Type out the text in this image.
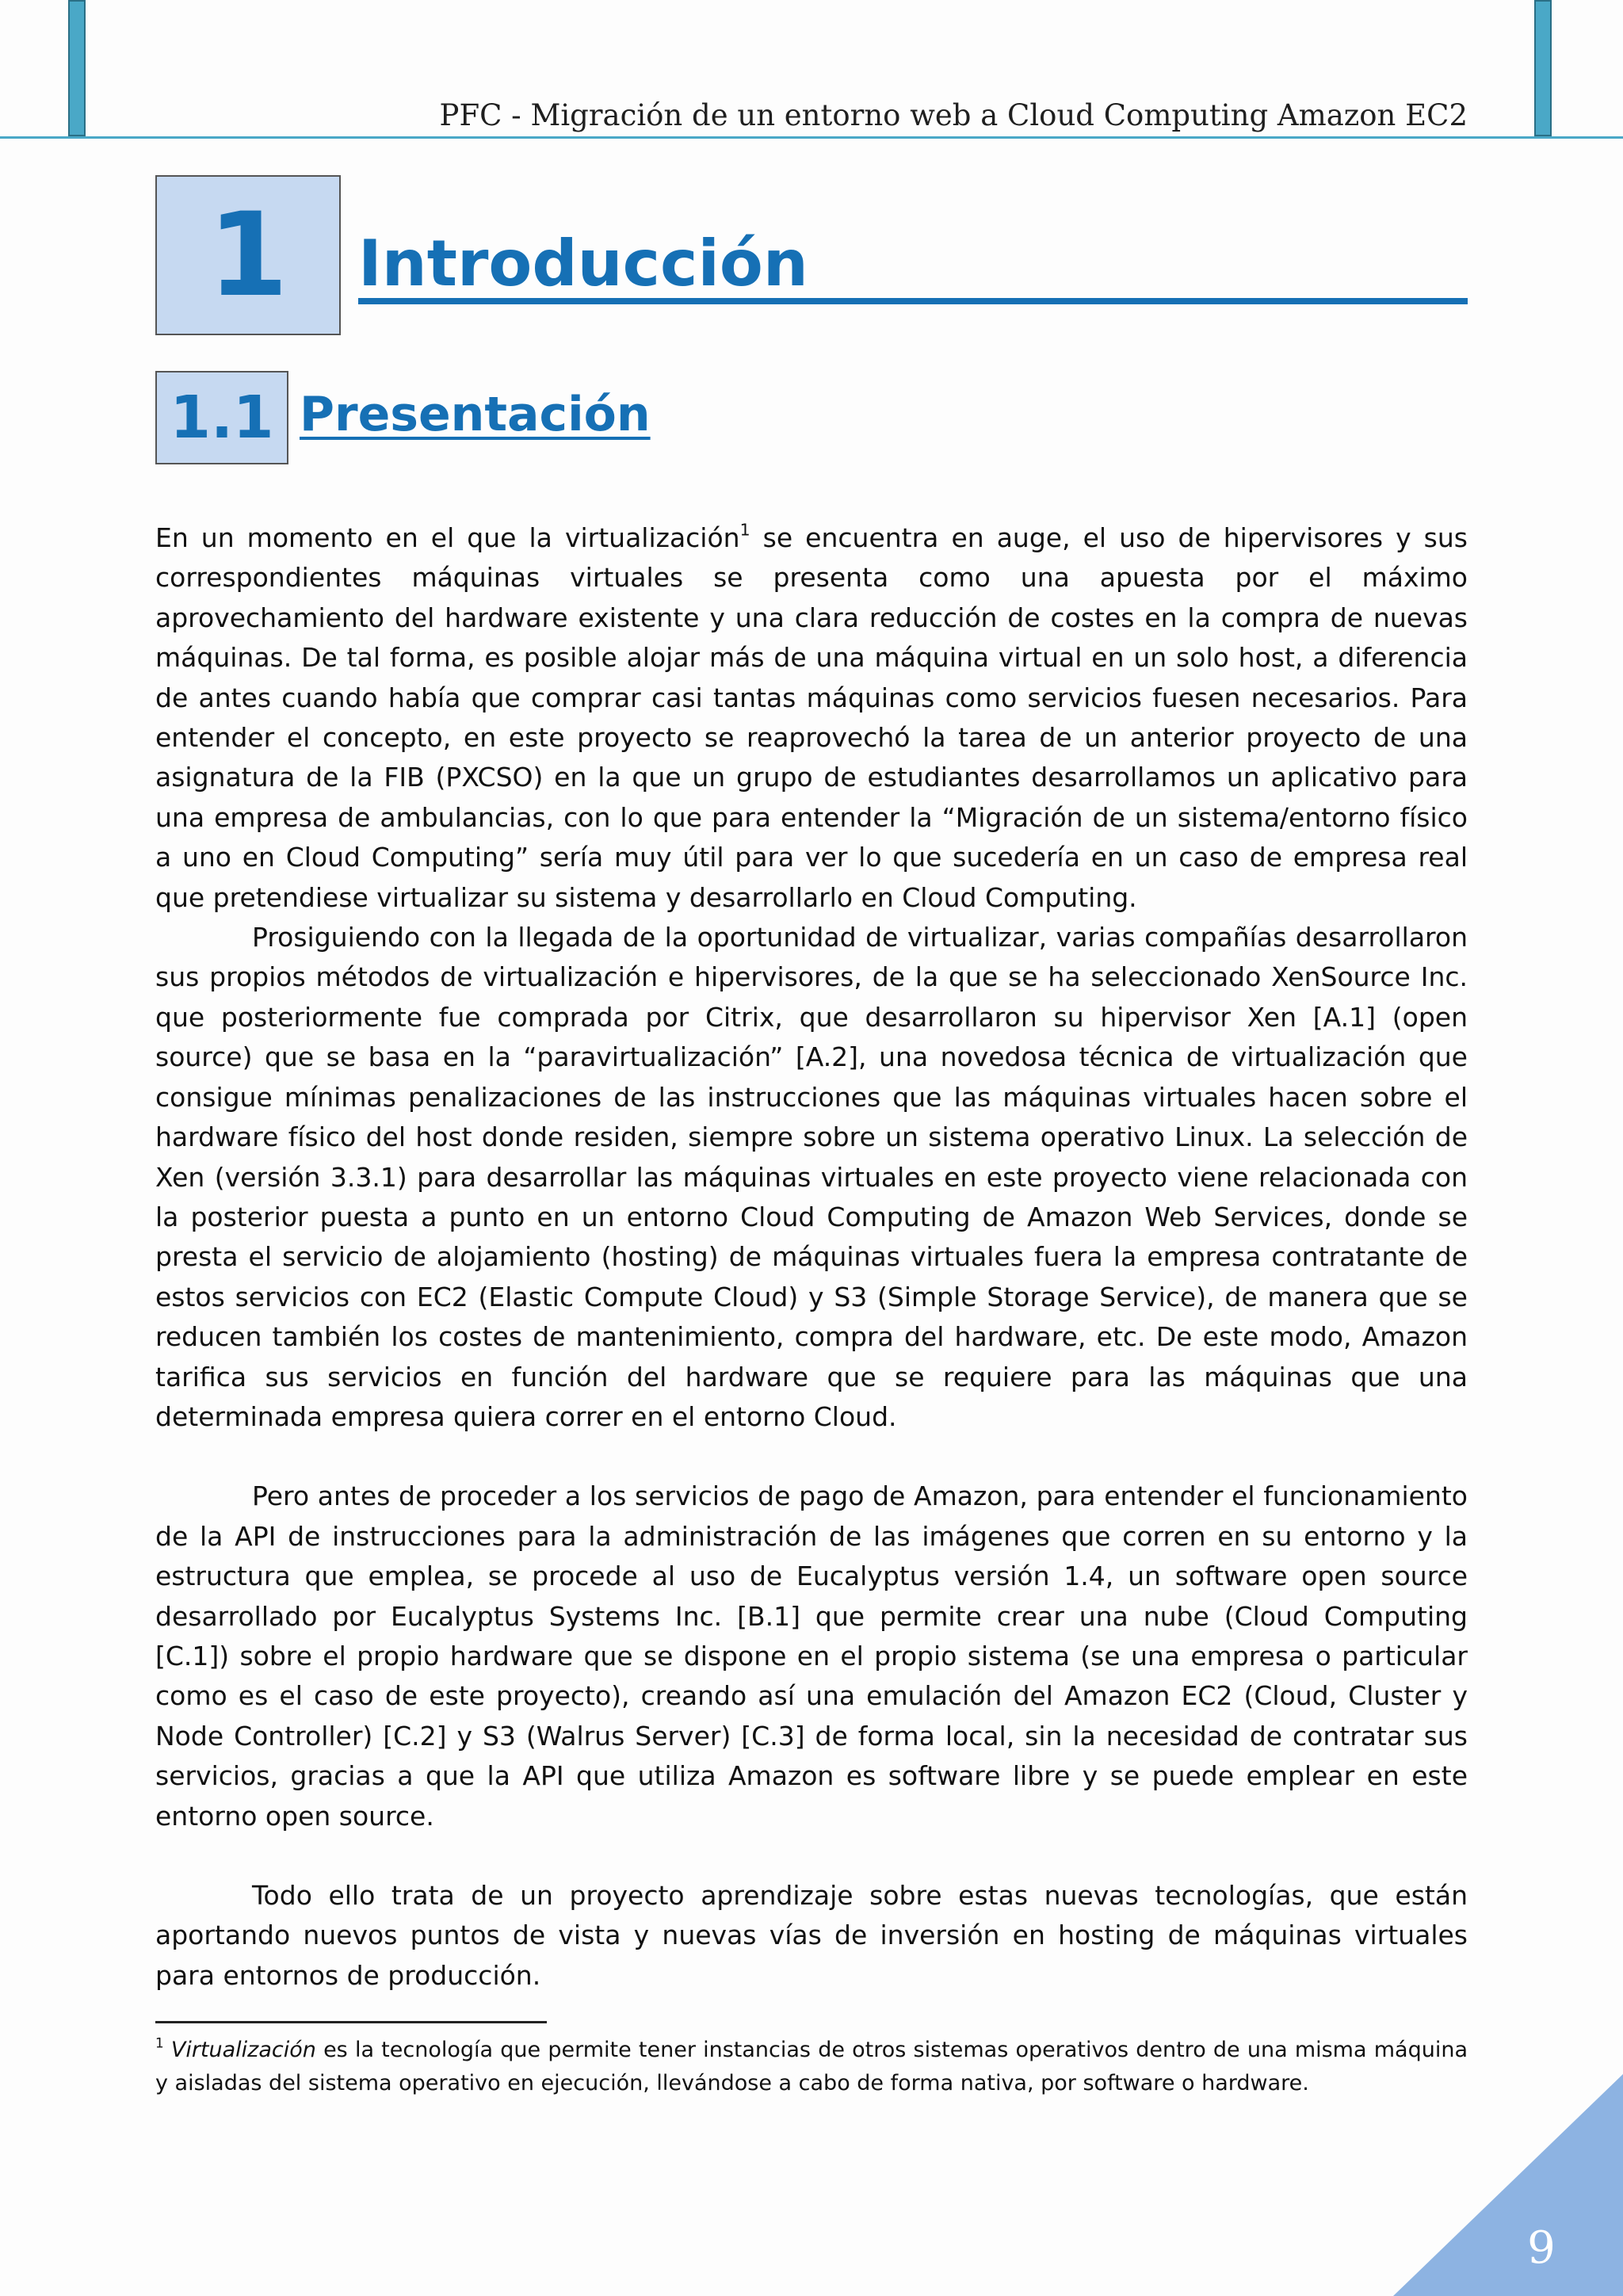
PFC - Migración de un entorno web a Cloud Computing Amazon EC2

1 Introducción
1.1 Presentación

En un momento en el que la virtualización$^1$ se encuentra en auge, el uso de hipervisores y sus correspondientes máquinas virtuales se presenta como una apuesta por el máximo aprovechamiento del hardware existente y una clara reducción de costes en la compra de nuevas máquinas. De tal forma, es posible alojar más de una máquina virtual en un solo host, a diferencia de antes cuando había que comprar casi tantas máquinas como servicios fuesen necesarios. Para entender el concepto, en este proyecto se reaprovechó la tarea de un anterior proyecto de una asignatura de la FIB (PXCSO) en la que un grupo de estudiantes desarrollamos un aplicativo para una empresa de ambulancias, con lo que para entender la “Migración de un sistema/entorno físico a uno en Cloud Computing” sería muy útil para ver lo que sucedería en un caso de empresa real que pretendiese virtualizar su sistema y desarrollarlo en Cloud Computing.

Prosiguiendo con la llegada de la oportunidad de virtualizar, varias compañías desarrollaron sus propios métodos de virtualización e hipervisores, de la que se ha seleccionado XenSource Inc. que posteriormente fue comprada por Citrix, que desarrollaron su hipervisor Xen [A.1] (open source) que se basa en la “paravirtualización” [A.2], una novedosa técnica de virtualización que consigue mínimas penalizaciones de las instrucciones que las máquinas virtuales hacen sobre el hardware físico del host donde residen, siempre sobre un sistema operativo Linux. La selección de Xen (versión 3.3.1) para desarrollar las máquinas virtuales en este proyecto viene relacionada con la posterior puesta a punto en un entorno Cloud Computing de Amazon Web Services, donde se presta el servicio de alojamiento (hosting) de máquinas virtuales fuera la empresa contratante de estos servicios con EC2 (Elastic Compute Cloud) y S3 (Simple Storage Service), de manera que se reducen también los costes de mantenimiento, compra del hardware, etc. De este modo, Amazon tarifica sus servicios en función del hardware que se requiere para las máquinas que una determinada empresa quiera correr en el entorno Cloud.

Pero antes de proceder a los servicios de pago de Amazon, para entender el funcionamiento de la API de instrucciones para la administración de las imágenes que corren en su entorno y la estructura que emplea, se procede al uso de Eucalyptus versión 1.4, un software open source desarrollado por Eucalyptus Systems Inc. [B.1] que permite crear una nube (Cloud Computing [C.1]) sobre el propio hardware que se dispone en el propio sistema (se una empresa o particular como es el caso de este proyecto), creando así una emulación del Amazon EC2 (Cloud, Cluster y Node Controller) [C.2] y S3 (Walrus Server) [C.3] de forma local, sin la necesidad de contratar sus servicios, gracias a que la API que utiliza Amazon es software libre y se puede emplear en este entorno open source.

Todo ello trata de un proyecto aprendizaje sobre estas nuevas tecnologías, que están aportando nuevos puntos de vista y nuevas vías de inversión en hosting de máquinas virtuales para entornos de producción.

$^1$ Virtualización es la tecnología que permite tener instancias de otros sistemas operativos dentro de una misma máquina y aisladas del sistema operativo en ejecución, llevándose a cabo de forma nativa, por software o hardware.

9
